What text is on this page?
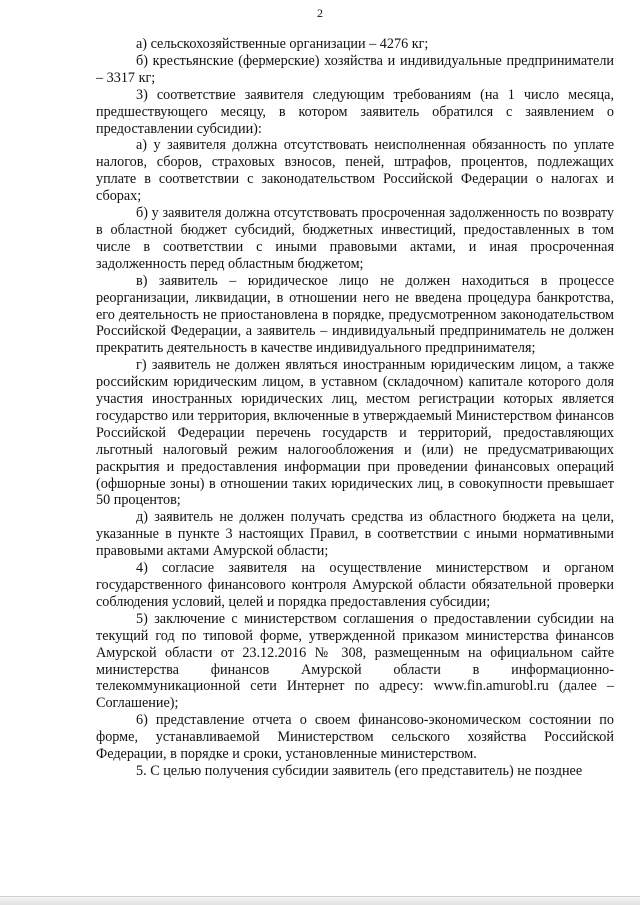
2

а) сельскохозяйственные организации – 4276 кг;

б) крестьянские (фермерские) хозяйства и индивидуальные предприниматели – 3317 кг;

3) соответствие заявителя следующим требованиям (на 1 число месяца, предшествующего месяцу, в котором заявитель обратился с заявлением о предоставлении субсидии):

а) у заявителя должна отсутствовать неисполненная обязанность по уплате налогов, сборов, страховых взносов, пеней, штрафов, процентов, подлежащих уплате в соответствии с законодательством Российской Федерации о налогах и сборах;

б) у заявителя должна отсутствовать просроченная задолженность по возврату в областной бюджет субсидий, бюджетных инвестиций, предоставленных в том числе в соответствии с иными правовыми актами, и иная просроченная задолженность перед областным бюджетом;

в) заявитель – юридическое лицо не должен находиться в процессе реорганизации, ликвидации, в отношении него не введена процедура банкротства, его деятельность не приостановлена в порядке, предусмотренном законодательством Российской Федерации, а заявитель – индивидуальный предприниматель не должен прекратить деятельность в качестве индивидуального предпринимателя;

г) заявитель не должен являться иностранным юридическим лицом, а также российским юридическим лицом, в уставном (складочном) капитале которого доля участия иностранных юридических лиц, местом регистрации которых является государство или территория, включенные в утверждаемый Министерством финансов Российской Федерации перечень государств и территорий, предоставляющих льготный налоговый режим налогообложения и (или) не предусматривающих раскрытия и предоставления информации при проведении финансовых операций (офшорные зоны) в отношении таких юридических лиц, в совокупности превышает 50 процентов;

д) заявитель не должен получать средства из областного бюджета на цели, указанные в пункте 3 настоящих Правил, в соответствии с иными нормативными правовыми актами Амурской области;

4) согласие заявителя на осуществление министерством и органом государственного финансового контроля Амурской области обязательной проверки соблюдения условий, целей и порядка предоставления субсидии;

5) заключение с министерством соглашения о предоставлении субсидии на текущий год по типовой форме, утвержденной приказом министерства финансов Амурской области от 23.12.2016 № 308, размещенным на официальном сайте министерства финансов Амурской области в информационно-телекоммуникационной сети Интернет по адресу: www.fin.amurobl.ru (далее – Соглашение);

6) представление отчета о своем финансово-экономическом состоянии по форме, устанавливаемой Министерством сельского хозяйства Российской Федерации, в порядке и сроки, установленные министерством.

5. С целью получения субсидии заявитель (его представитель) не позднее
